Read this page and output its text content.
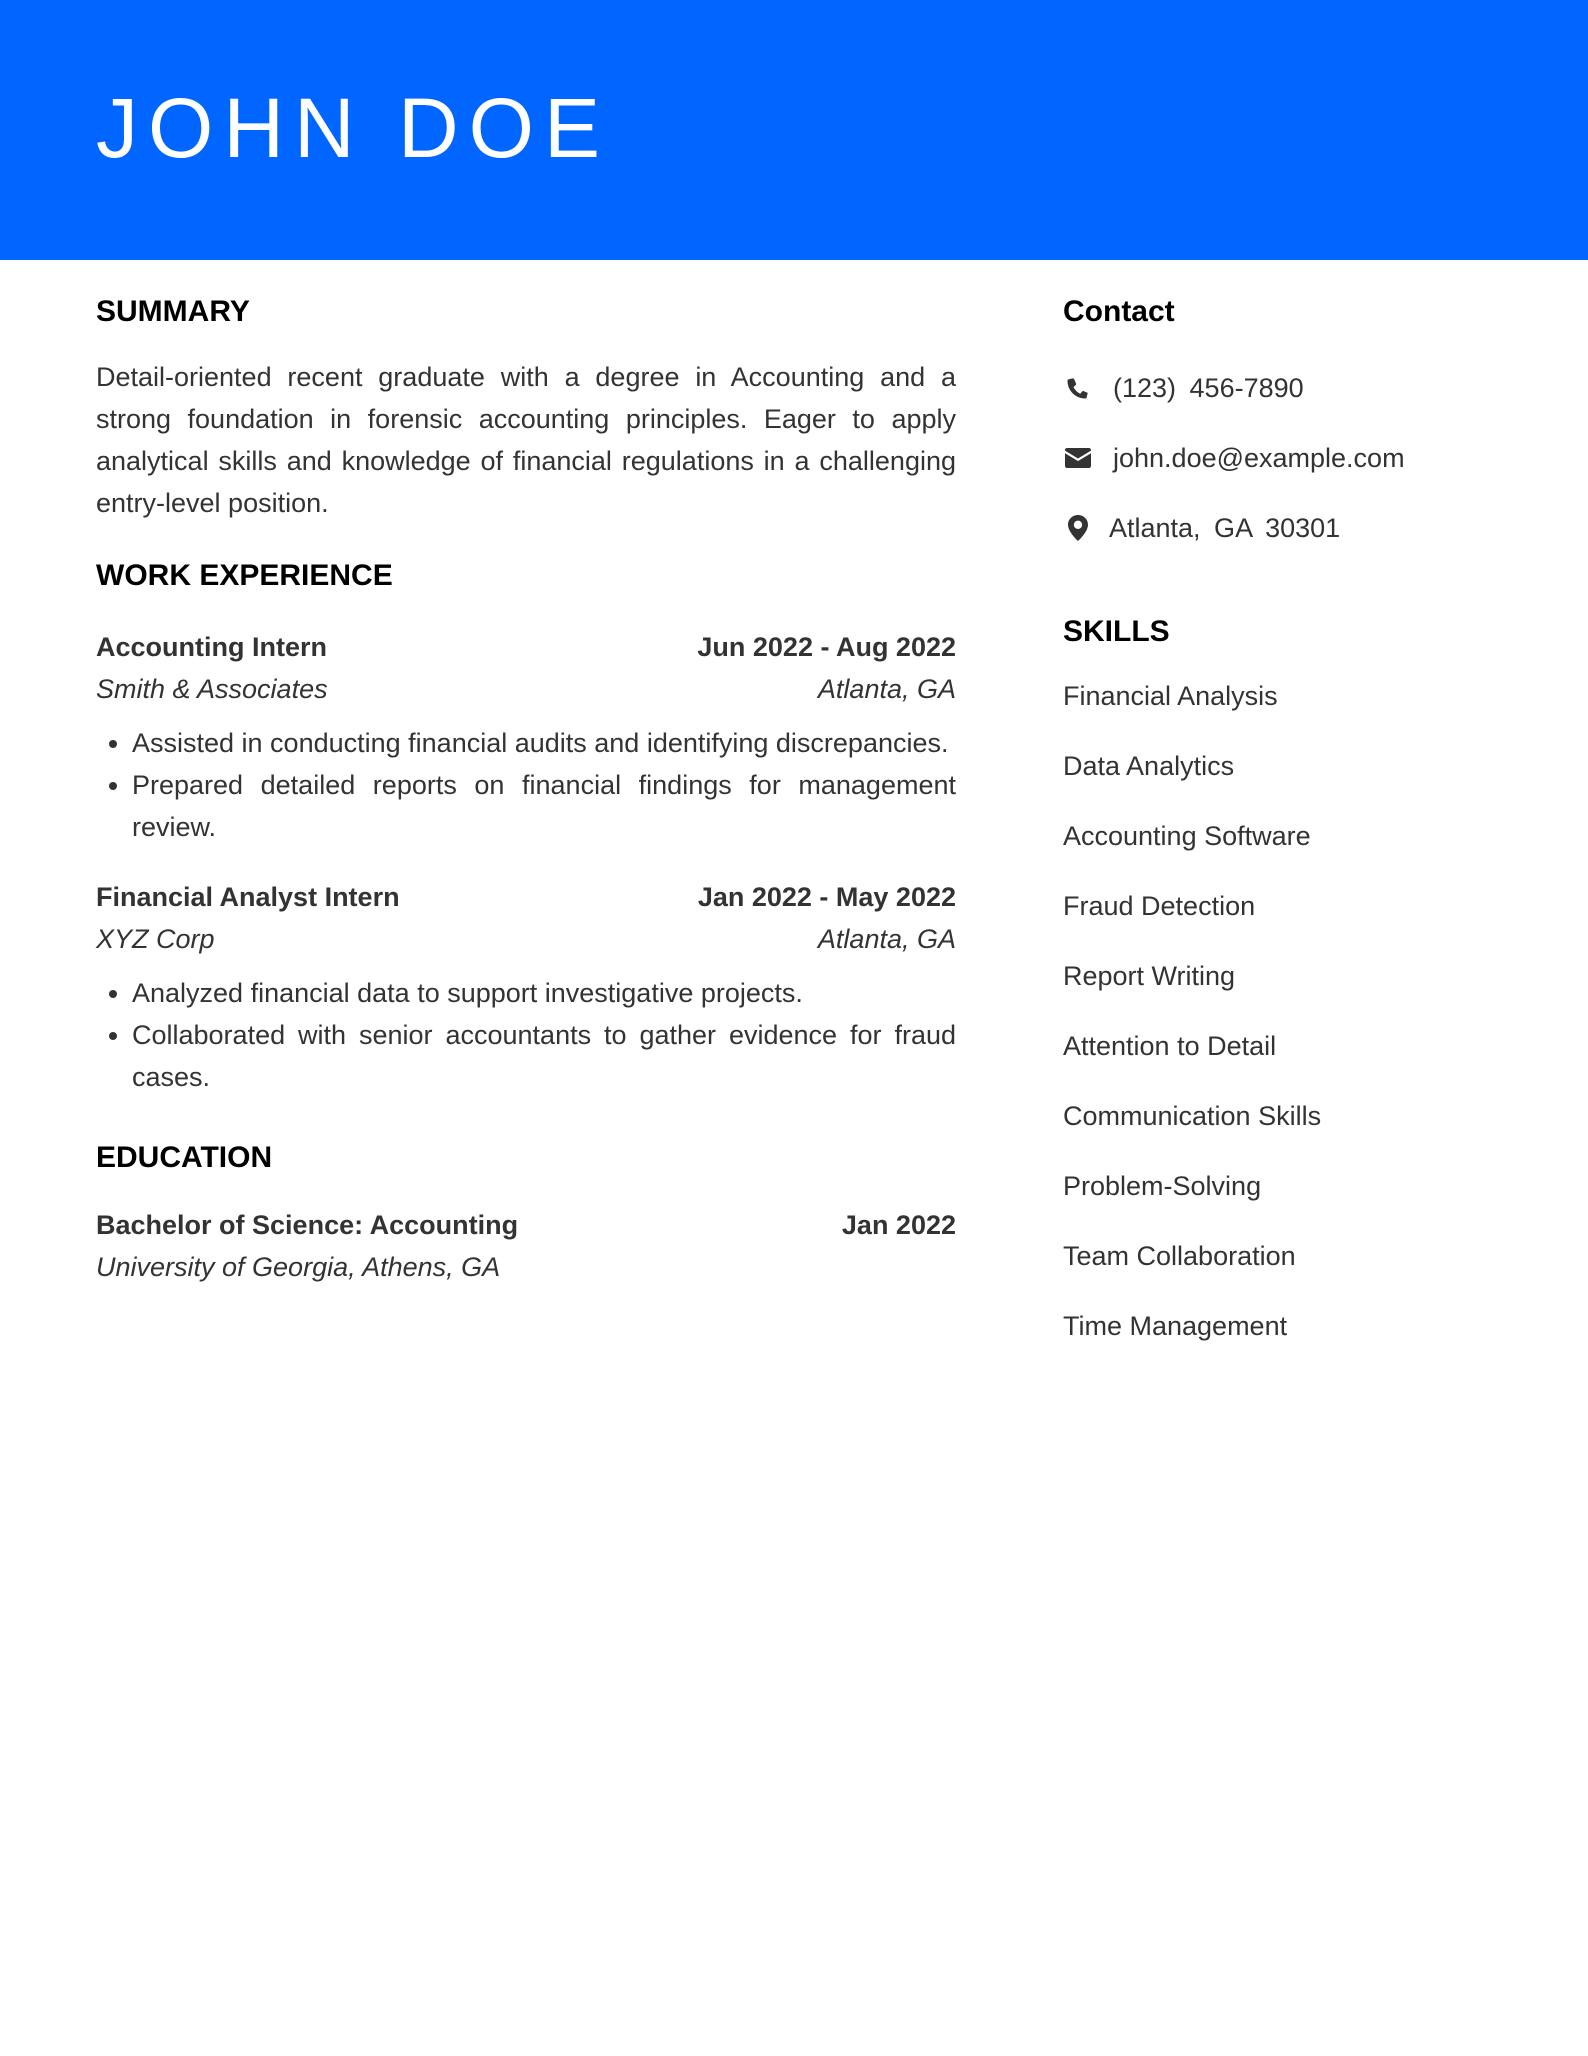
JOHN DOE
SUMMARY

Detail-oriented recent graduate with a degree in Accounting and a strong foundation in forensic accounting principles. Eager to apply analytical skills and knowledge of financial regulations in a challenging entry-level position.

WORK EXPERIENCE
Accounting Intern	Jun 2022 - Aug 2022
Smith & Associates	Atlanta, GA
• Assisted in conducting financial audits and identifying discrepancies.
• Prepared detailed reports on financial findings for management review.
Financial Analyst Intern	Jan 2022 - May 2022
XYZ Corp	Atlanta, GA
• Analyzed financial data to support investigative projects.
• Collaborated with senior accountants to gather evidence for fraud cases.
EDUCATION
Bachelor of Science: Accounting	Jan 2022
University of Georgia, Athens, GA
Contact
(123) 456-7890
john.doe@example.com
Atlanta, GA 30301
SKILLS
Financial Analysis
Data Analytics
Accounting Software
Fraud Detection
Report Writing
Attention to Detail
Communication Skills
Problem-Solving
Team Collaboration
Time Management
